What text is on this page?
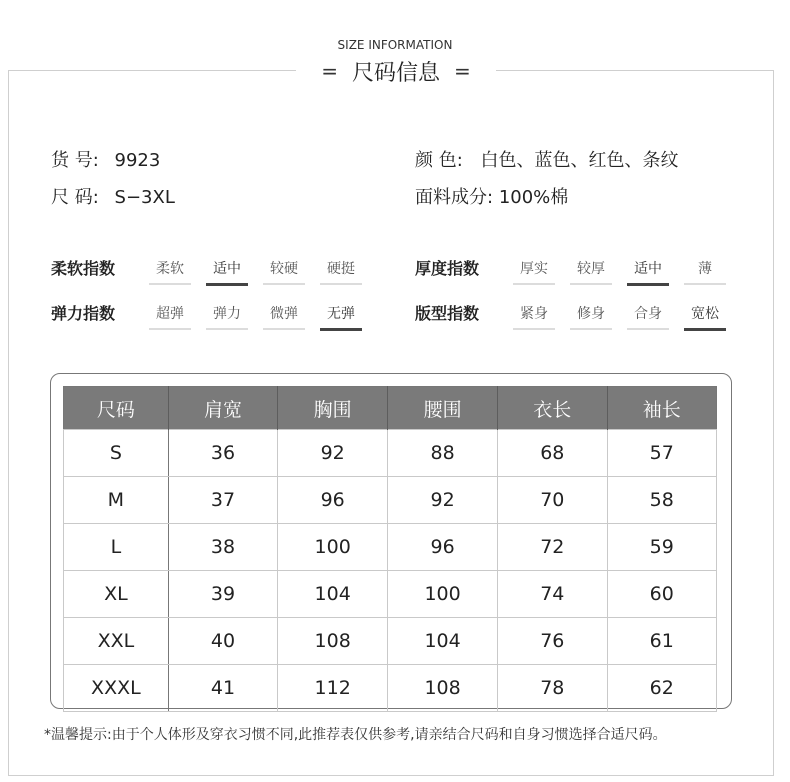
SIZE INFORMATION
= 尺码信息 =
货 号: 9923
尺 码: S−3XL
颜 色: 白色、蓝色、红色、条纹
面料成分: 100%棉
柔软指数	柔软	适中	较硬	硬挺	厚度指数	厚实	较厚	适中	薄
弹力指数	超弹	弹力	微弹	无弹	版型指数	紧身	修身	合身	宽松
尺码	肩宽	胸围	腰围	衣长	袖长
S	36	92	88	68	57
M	37	96	92	70	58
L	38	100	96	72	59
XL	39	104	100	74	60
XXL	40	108	104	76	61
XXXL	41	112	108	78	62
*温馨提示:由于个人体形及穿衣习惯不同,此推荐表仅供参考,请亲结合尺码和自身习惯选择合适尺码。
